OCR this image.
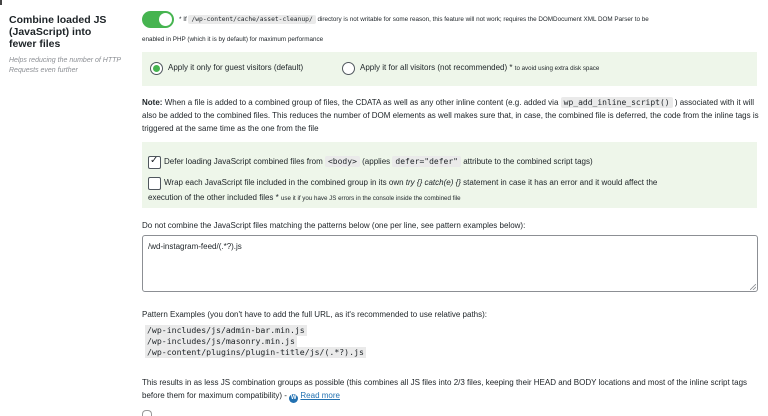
Combine loaded JS (JavaScript) into fewer files
Helps reducing the number of HTTP Requests even further
* If /wp-content/cache/asset-cleanup/ directory is not writable for some reason, this feature will not work; requires the DOMDocument XML DOM Parser to be
enabled in PHP (which it is by default) for maximum performance
Apply it only for guest visitors (default)	Apply it for all visitors (not recommended) * to avoid using extra disk space
Note: When a file is added to a combined group of files, the CDATA as well as any other inline content (e.g. added via wp_add_inline_script() ) associated with it will also be added to the combined files. This reduces the number of DOM elements as well makes sure that, in case, the combined file is deferred, the code from the inline tags is triggered at the same time as the one from the file
✓
Defer loading JavaScript combined files from <body> (applies defer="defer" attribute to the combined script tags)
Wrap each JavaScript file included in the combined group in its own try {} catch(e) {} statement in case it has an error and it would affect the
execution of the other included files * use it if you have JS errors in the console inside the combined file
Do not combine the JavaScript files matching the patterns below (one per line, see pattern examples below):
/wd-instagram-feed/(.*?).js
Pattern Examples (you don't have to add the full URL, as it's recommended to use relative paths):
/wp-includes/js/admin-bar.min.js
/wp-includes/js/masonry.min.js
/wp-content/plugins/plugin-title/js/(.*?).js
This results in as less JS combination groups as possible (this combines all JS files into 2/3 files, keeping their HEAD and BODY locations and most of the inline script tags before them for maximum compatibility) - W Read more
